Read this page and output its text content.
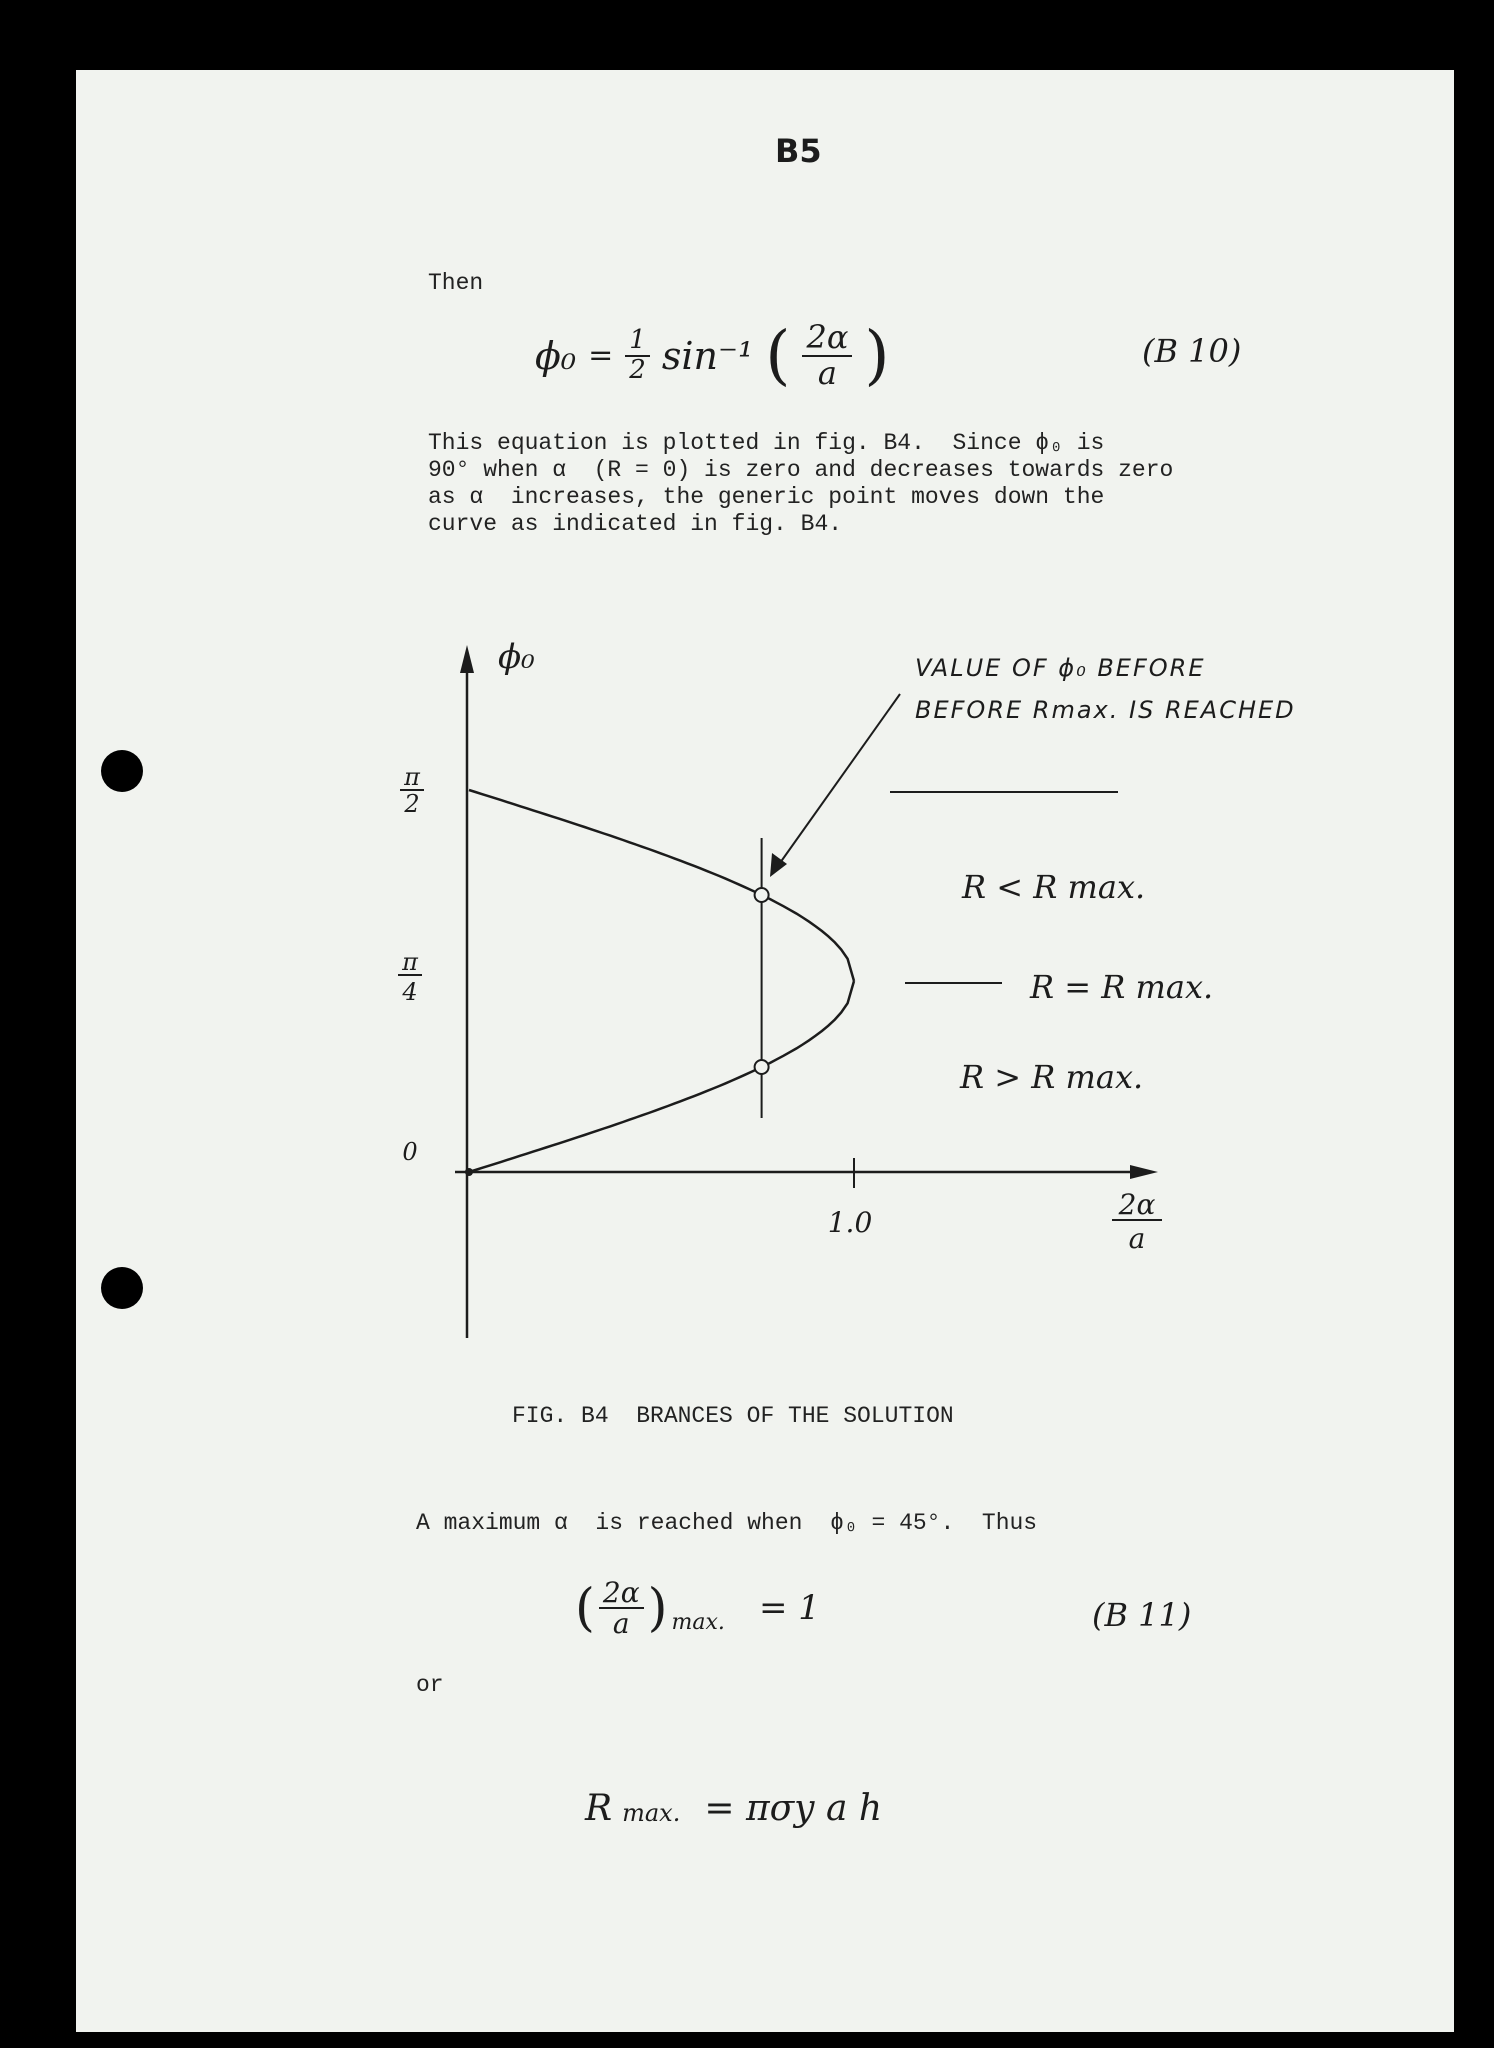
B5
Then
$\phi_0 = \frac{1}{2} \sin^{-1}$ ( $\frac{2\alpha}{a}$ )	(B 10)
This equation is plotted in fig. B4.  Since ϕ₀ is
90° when α  (R = 0) is zero and decreases towards zero
as α  increases, the generic point moves down the
curve as indicated in fig. B4.
ϕ₀
π
2
π
4
0
1.0
2α
a
VALUE OF ϕ₀ BEFORE
BEFORE Rmax. IS REACHED
R < R max.
R = R max.
R > R max.
FIG. B4  BRANCES OF THE SOLUTION
A maximum α  is reached when  ϕ₀ = 45°.  Thus
( $\frac{2\alpha}{a}$ ) max. = 1	(B 11)
or
R max. = πσy a h
